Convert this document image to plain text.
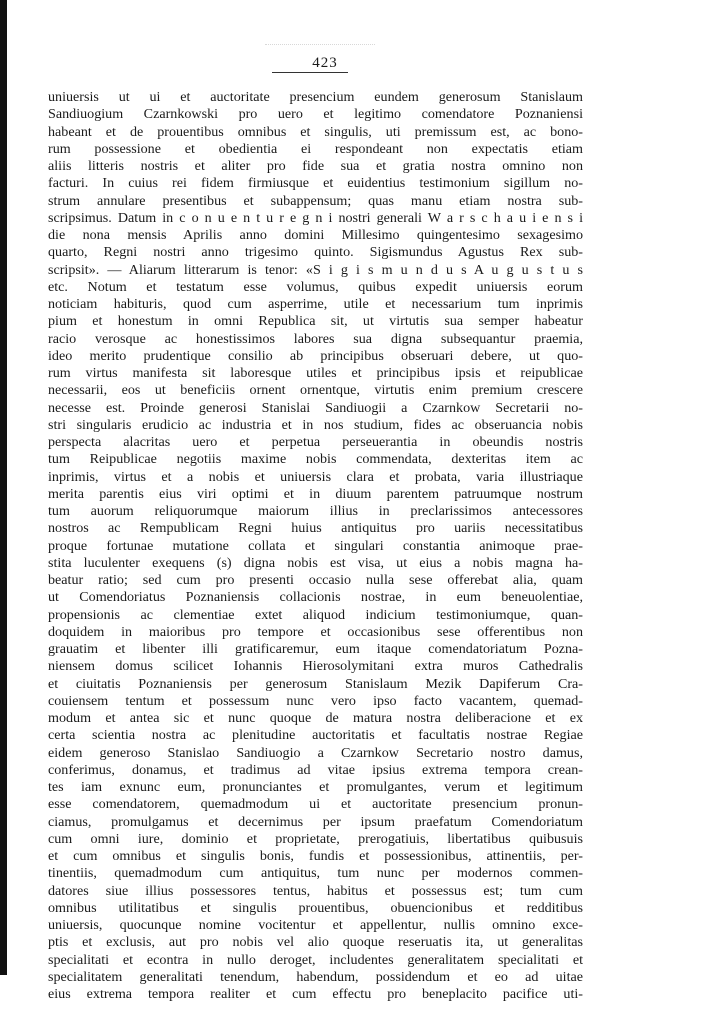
423
uniuersis ut ui et auctoritate presencium eundem generosum Stanislaum
Sandiuogium Czarnkowski pro uero et legitimo comendatore Poznaniensi
habeant et de prouentibus omnibus et singulis, uti premissum est, ac bono-
rum possessione et obedientia ei respondeant non expectatis etiam
aliis litteris nostris et aliter pro fide sua et gratia nostra omnino non
facturi. In cuius rei fidem firmiusque et euidentius testimonium sigillum no-
strum annulare presentibus et subappensum; quas manu etiam nostra sub-
scripsimus. Datum in c o n u e n t u r e g n i nostri generali W a r s c h a u i e n s i
die nona mensis Aprilis anno domini Millesimo quingentesimo sexagesimo
quarto, Regni nostri anno trigesimo quinto. Sigismundus Agustus Rex sub-
scripsit». — Aliarum litterarum is tenor: «S i g i s m u n d u s A u g u s t u s
etc. Notum et testatum esse volumus, quibus expedit uniuersis eorum
noticiam habituris, quod cum asperrime, utile et necessarium tum inprimis
pium et honestum in omni Republica sit, ut virtutis sua semper habeatur
racio verosque ac honestissimos labores sua digna subsequantur praemia,
ideo merito prudentique consilio ab principibus obseruari debere, ut quo-
rum virtus manifesta sit laboresque utiles et principibus ipsis et reipublicae
necessarii, eos ut beneficiis ornent ornentque, virtutis enim premium crescere
necesse est. Proinde generosi Stanislai Sandiuogii a Czarnkow Secretarii no-
stri singularis erudicio ac industria et in nos studium, fides ac obseruancia nobis
perspecta alacritas uero et perpetua perseuerantia in obeundis nostris
tum Reipublicae negotiis maxime nobis commendata, dexteritas item ac
inprimis, virtus et a nobis et uniuersis clara et probata, varia illustriaque
merita parentis eius viri optimi et in diuum parentem patruumque nostrum
tum auorum reliquorumque maiorum illius in preclarissimos antecessores
nostros ac Rempublicam Regni huius antiquitus pro uariis necessitatibus
proque fortunae mutatione collata et singulari constantia animoque prae-
stita luculenter exequens (s) digna nobis est visa, ut eius a nobis magna ha-
beatur ratio; sed cum pro presenti occasio nulla sese offerebat alia, quam
ut Comendoriatus Poznaniensis collacionis nostrae, in eum beneuolentiae,
propensionis ac clementiae extet aliquod indicium testimoniumque, quan-
doquidem in maioribus pro tempore et occasionibus sese offerentibus non
grauatim et libenter illi gratificaremur, eum itaque comendatoriatum Pozna-
niensem domus scilicet Iohannis Hierosolymitani extra muros Cathedralis
et ciuitatis Poznaniensis per generosum Stanislaum Mezik Dapiferum Cra-
couiensem tentum et possessum nunc vero ipso facto vacantem, quemad-
modum et antea sic et nunc quoque de matura nostra deliberacione et ex
certa scientia nostra ac plenitudine auctoritatis et facultatis nostrae Regiae
eidem generoso Stanislao Sandiuogio a Czarnkow Secretario nostro damus,
conferimus, donamus, et tradimus ad vitae ipsius extrema tempora crean-
tes iam exnunc eum, pronunciantes et promulgantes, verum et legitimum
esse comendatorem, quemadmodum ui et auctoritate presencium pronun-
ciamus, promulgamus et decernimus per ipsum praefatum Comendoriatum
cum omni iure, dominio et proprietate, prerogatiuis, libertatibus quibusuis
et cum omnibus et singulis bonis, fundis et possessionibus, attinentiis, per-
tinentiis, quemadmodum cum antiquitus, tum nunc per modernos commen-
datores siue illius possessores tentus, habitus et possessus est; tum cum
omnibus utilitatibus et singulis prouentibus, obuencionibus et redditibus
uniuersis, quocunque nomine vocitentur et appellentur, nullis omnino exce-
ptis et exclusis, aut pro nobis vel alio quoque reseruatis ita, ut generalitas
specialitati et econtra in nullo deroget, includentes generalitatem specialitati et
specialitatem generalitati tenendum, habendum, possidendum et eo ad uitae
eius extrema tempora realiter et cum effectu pro beneplacito pacifice uti-
